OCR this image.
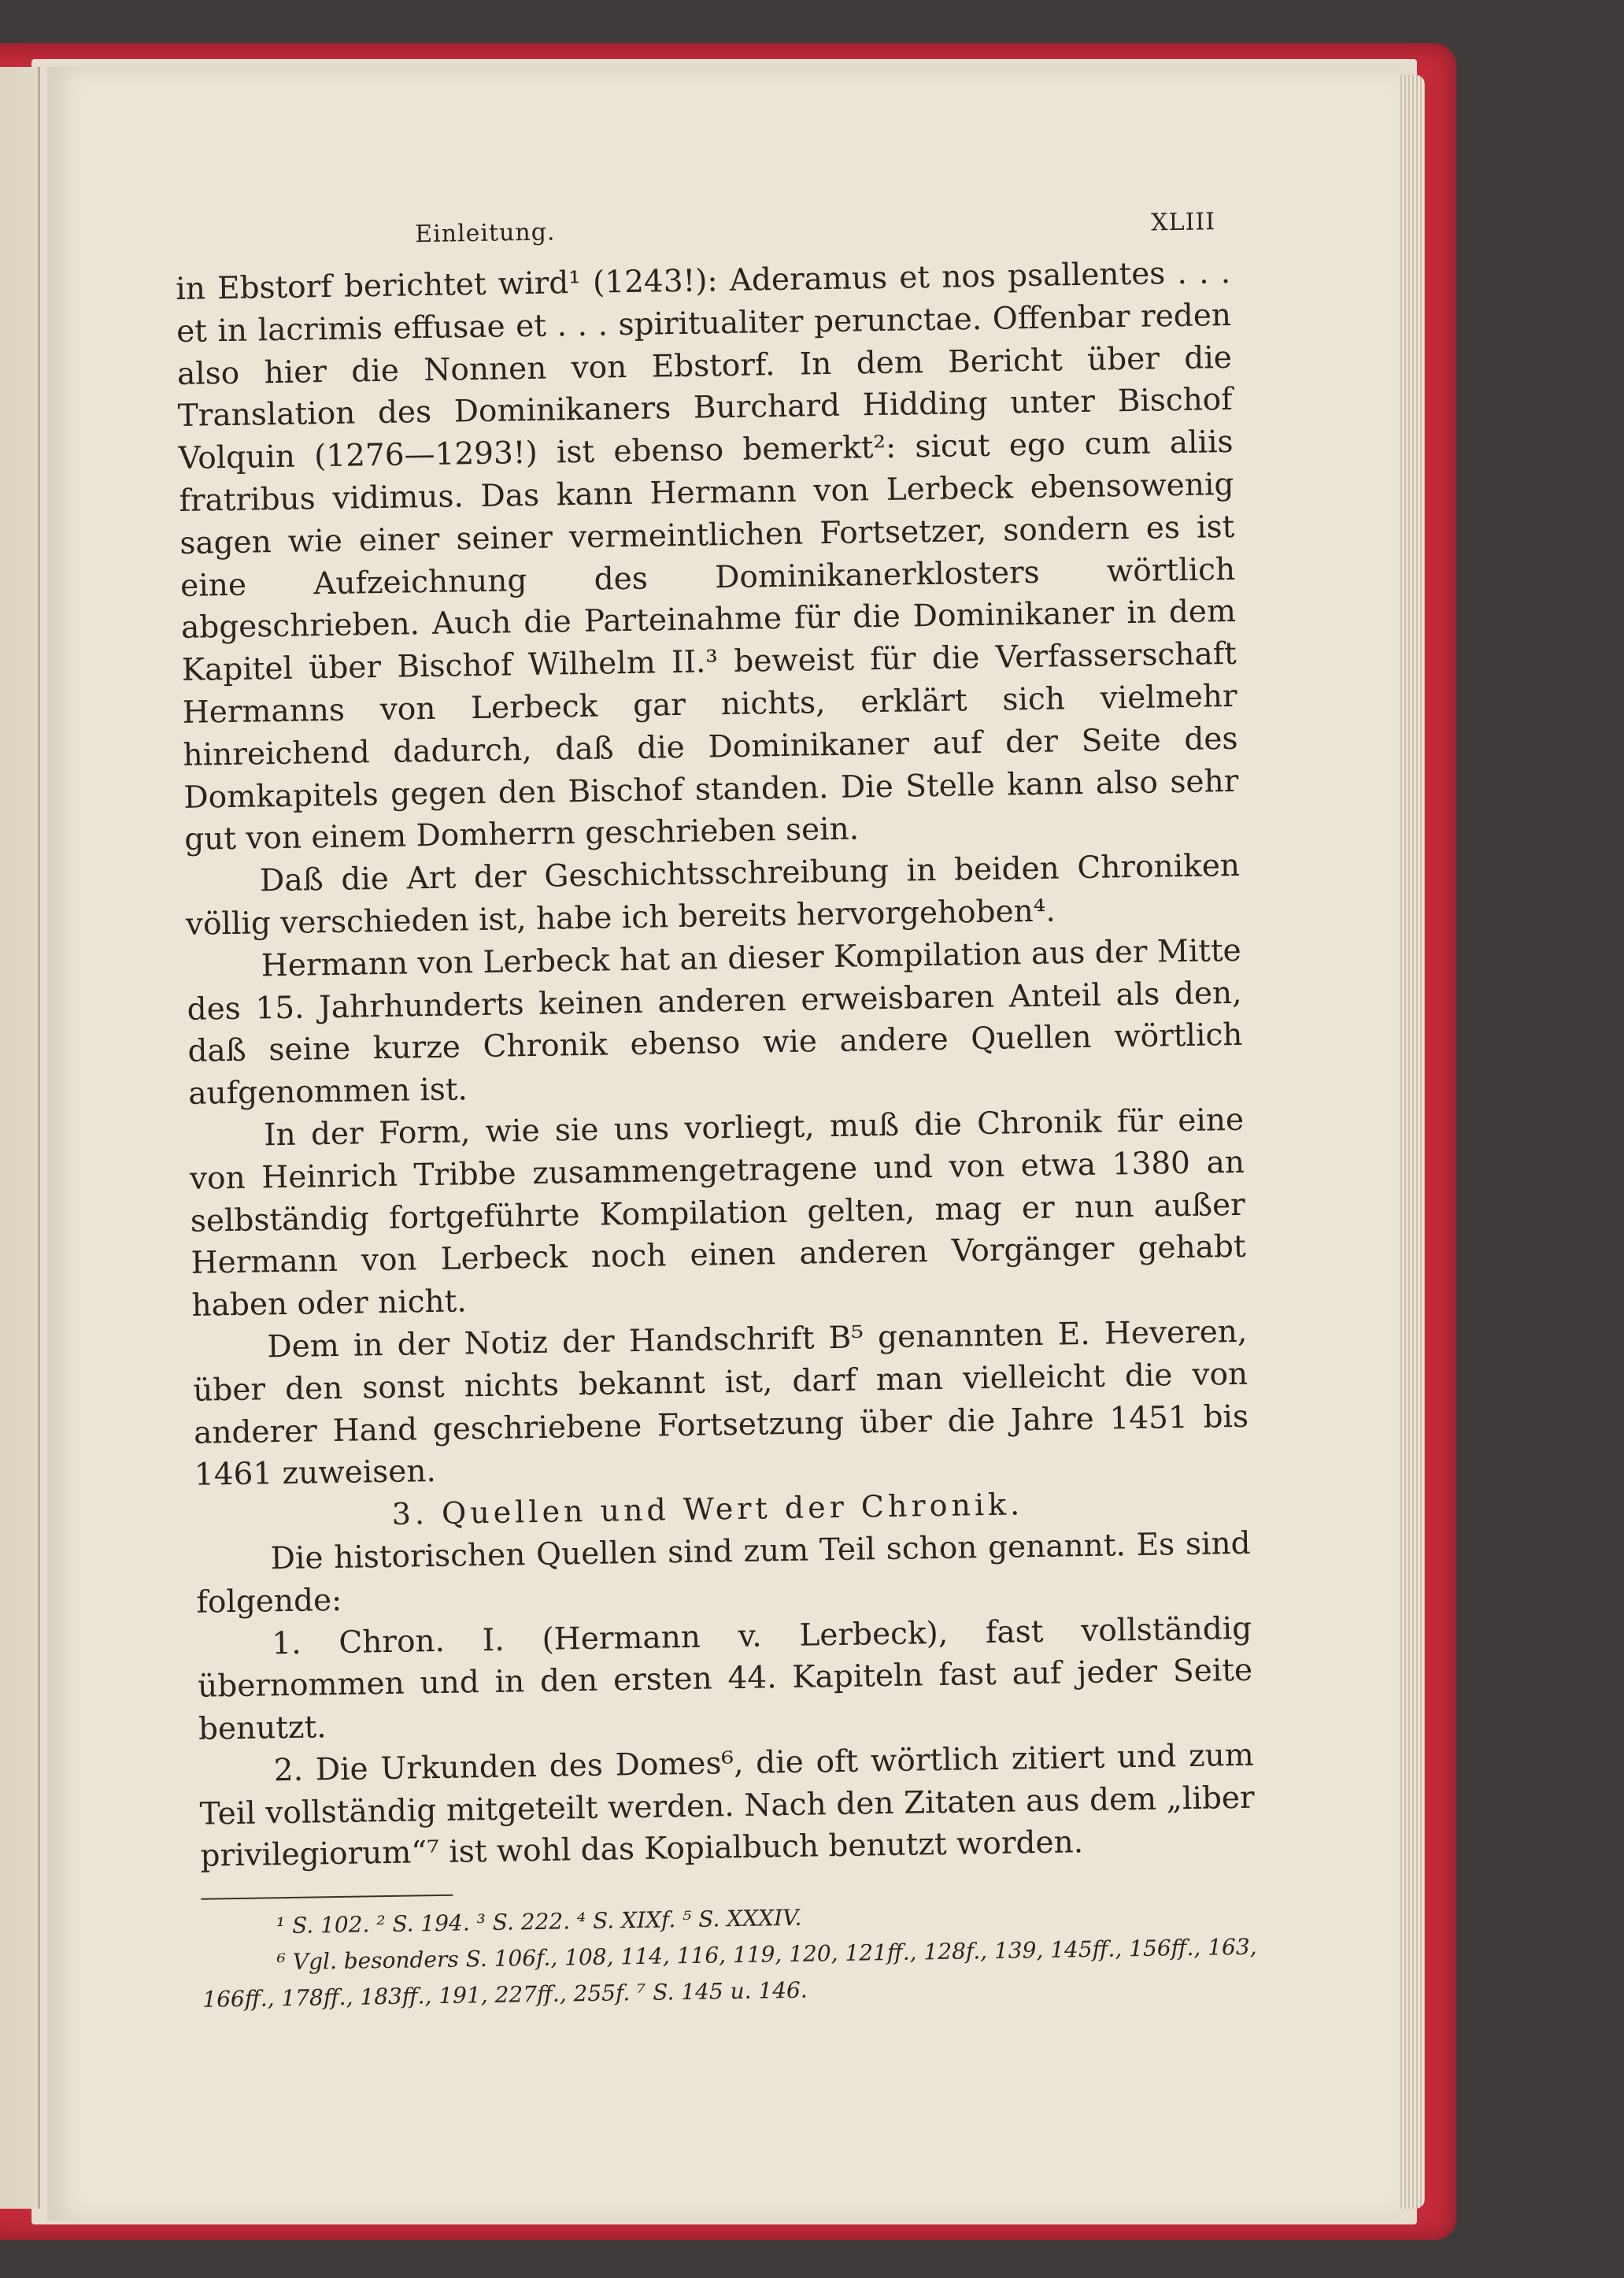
Einleitung.	XLIII

in Ebstorf berichtet wird¹ (1243!): Aderamus et nos psallentes . . . et in lacrimis effusae et . . . spiritualiter perunctae. Offenbar reden also hier die Nonnen von Ebstorf. In dem Bericht über die Translation des Dominikaners Burchard Hidding unter Bischof Volquin (1276—1293!) ist ebenso bemerkt²: sicut ego cum aliis fratribus vidimus. Das kann Hermann von Lerbeck ebensowenig sagen wie einer seiner vermeintlichen Fortsetzer, sondern es ist eine Aufzeichnung des Dominikanerklosters wörtlich abgeschrieben. Auch die Parteinahme für die Dominikaner in dem Kapitel über Bischof Wilhelm II.³ beweist für die Verfasserschaft Hermanns von Lerbeck gar nichts, erklärt sich vielmehr hinreichend dadurch, daß die Dominikaner auf der Seite des Domkapitels gegen den Bischof standen. Die Stelle kann also sehr gut von einem Domherrn geschrieben sein.

Daß die Art der Geschichtsschreibung in beiden Chroniken völlig verschieden ist, habe ich bereits hervorgehoben⁴.

Hermann von Lerbeck hat an dieser Kompilation aus der Mitte des 15. Jahrhunderts keinen anderen erweisbaren Anteil als den, daß seine kurze Chronik ebenso wie andere Quellen wörtlich aufgenommen ist.

In der Form, wie sie uns vorliegt, muß die Chronik für eine von Heinrich Tribbe zusammengetragene und von etwa 1380 an selbständig fortgeführte Kompilation gelten, mag er nun außer Hermann von Lerbeck noch einen anderen Vorgänger gehabt haben oder nicht.

Dem in der Notiz der Handschrift B⁵ genannten E. Heveren, über den sonst nichts bekannt ist, darf man vielleicht die von anderer Hand geschriebene Fortsetzung über die Jahre 1451 bis 1461 zuweisen.

3. Quellen und Wert der Chronik.

Die historischen Quellen sind zum Teil schon genannt. Es sind folgende:

1. Chron. I. (Hermann v. Lerbeck), fast vollständig übernommen und in den ersten 44. Kapiteln fast auf jeder Seite benutzt.

2. Die Urkunden des Domes⁶, die oft wörtlich zitiert und zum Teil vollständig mitgeteilt werden. Nach den Zitaten aus dem „liber privilegiorum“⁷ ist wohl das Kopialbuch benutzt worden.

¹ S. 102. ² S. 194. ³ S. 222. ⁴ S. XIXf. ⁵ S. XXXIV.

⁶ Vgl. besonders S. 106f., 108, 114, 116, 119, 120, 121ff., 128f., 139, 145ff., 156ff., 163, 166ff., 178ff., 183ff., 191, 227ff., 255f. ⁷ S. 145 u. 146.
